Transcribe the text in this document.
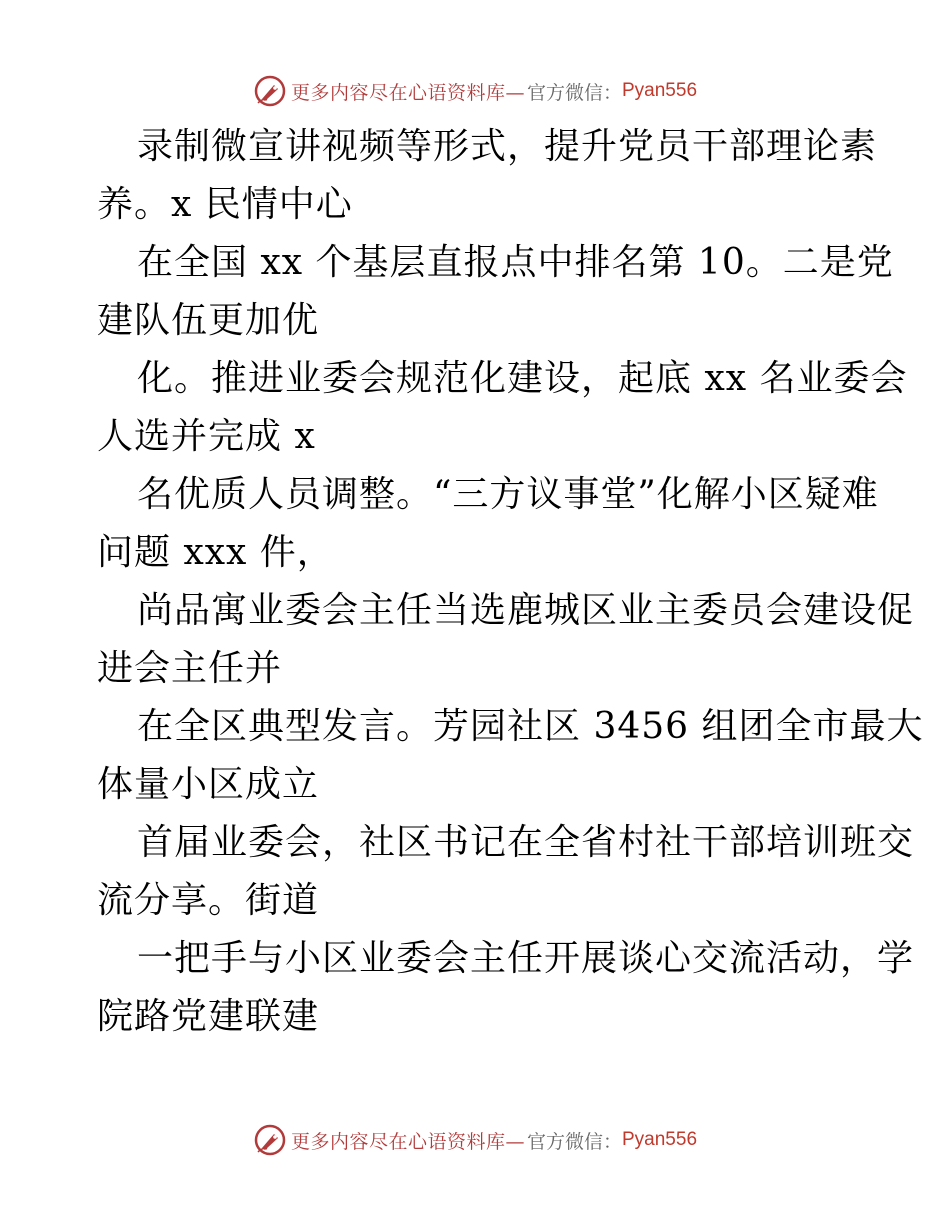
更多内容尽在心语资料库— 官方微信： Pyan556
录制微宣讲视频等形式，提升党员干部理论素
养。x 民情中心
在全国 xx 个基层直报点中排名第 10。二是党
建队伍更加优
化。推进业委会规范化建设，起底 xx 名业委会
人选并完成 x
名优质人员调整。“三方议事堂”化解小区疑难
问题 xxx 件，
尚品寓业委会主任当选鹿城区业主委员会建设促
进会主任并
在全区典型发言。芳园社区 3456 组团全市最大
体量小区成立
首届业委会，社区书记在全省村社干部培训班交
流分享。街道
一把手与小区业委会主任开展谈心交流活动，学
院路党建联建
更多内容尽在心语资料库— 官方微信： Pyan556
